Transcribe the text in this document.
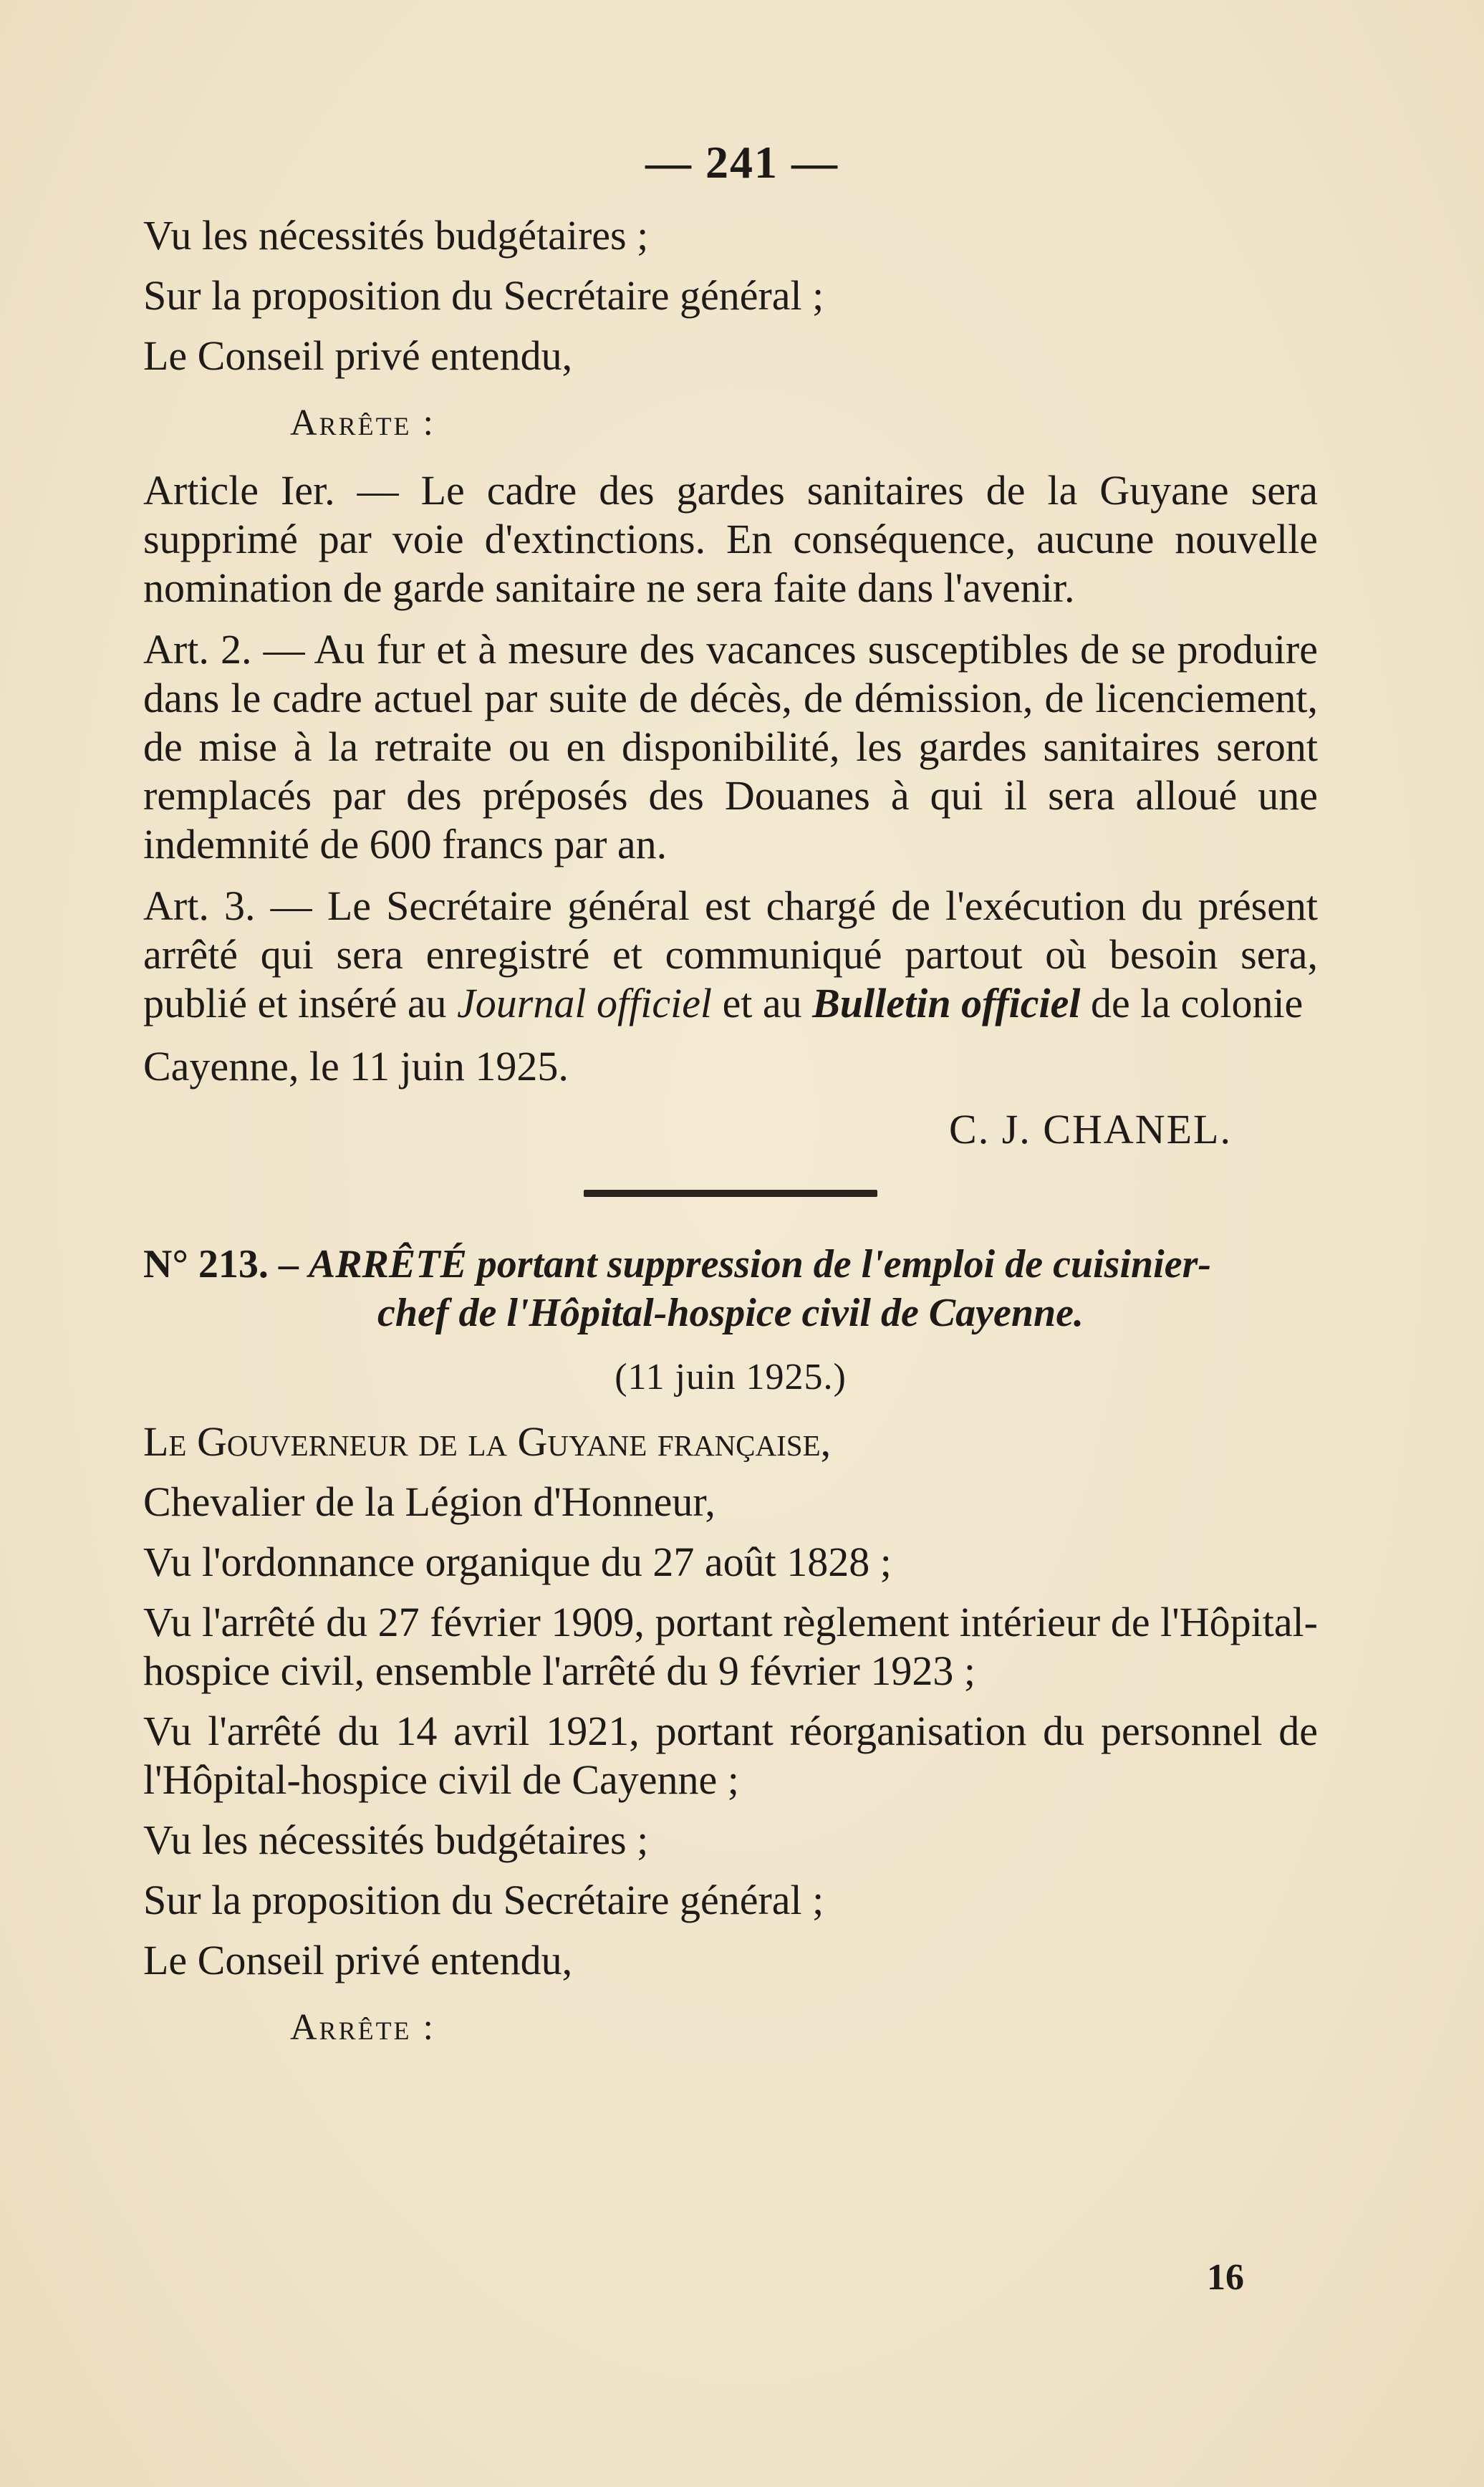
— 241 —

Vu les nécessités budgétaires ;

Sur la proposition du Secrétaire général ;

Le Conseil privé entendu,

Arrête :

Article Ier. — Le cadre des gardes sanitaires de la Guyane sera supprimé par voie d'extinctions. En conséquence, aucune nouvelle nomination de garde sanitaire ne sera faite dans l'avenir.

Art. 2. — Au fur et à mesure des vacances susceptibles de se produire dans le cadre actuel par suite de décès, de démission, de licenciement, de mise à la retraite ou en disponibilité, les gardes sanitaires seront remplacés par des préposés des Douanes à qui il sera alloué une indemnité de 600 francs par an.

Art. 3. — Le Secrétaire général est chargé de l'exécution du présent arrêté qui sera enregistré et communiqué partout où besoin sera, publié et inséré au Journal officiel et au Bulletin officiel de la colonie

Cayenne, le 11 juin 1925.

C. J. CHANEL.

N° 213. – ARRÊTÉ portant suppression de l'emploi de cuisinier-

chef de l'Hôpital-hospice civil de Cayenne.

(11 juin 1925.)

Le Gouverneur de la Guyane française,

Chevalier de la Légion d'Honneur,

Vu l'ordonnance organique du 27 août 1828 ;

Vu l'arrêté du 27 février 1909, portant règlement intérieur de l'Hôpital-hospice civil, ensemble l'arrêté du 9 février 1923 ;

Vu l'arrêté du 14 avril 1921, portant réorganisation du personnel de l'Hôpital-hospice civil de Cayenne ;

Vu les nécessités budgétaires ;

Sur la proposition du Secrétaire général ;

Le Conseil privé entendu,

Arrête :

16
